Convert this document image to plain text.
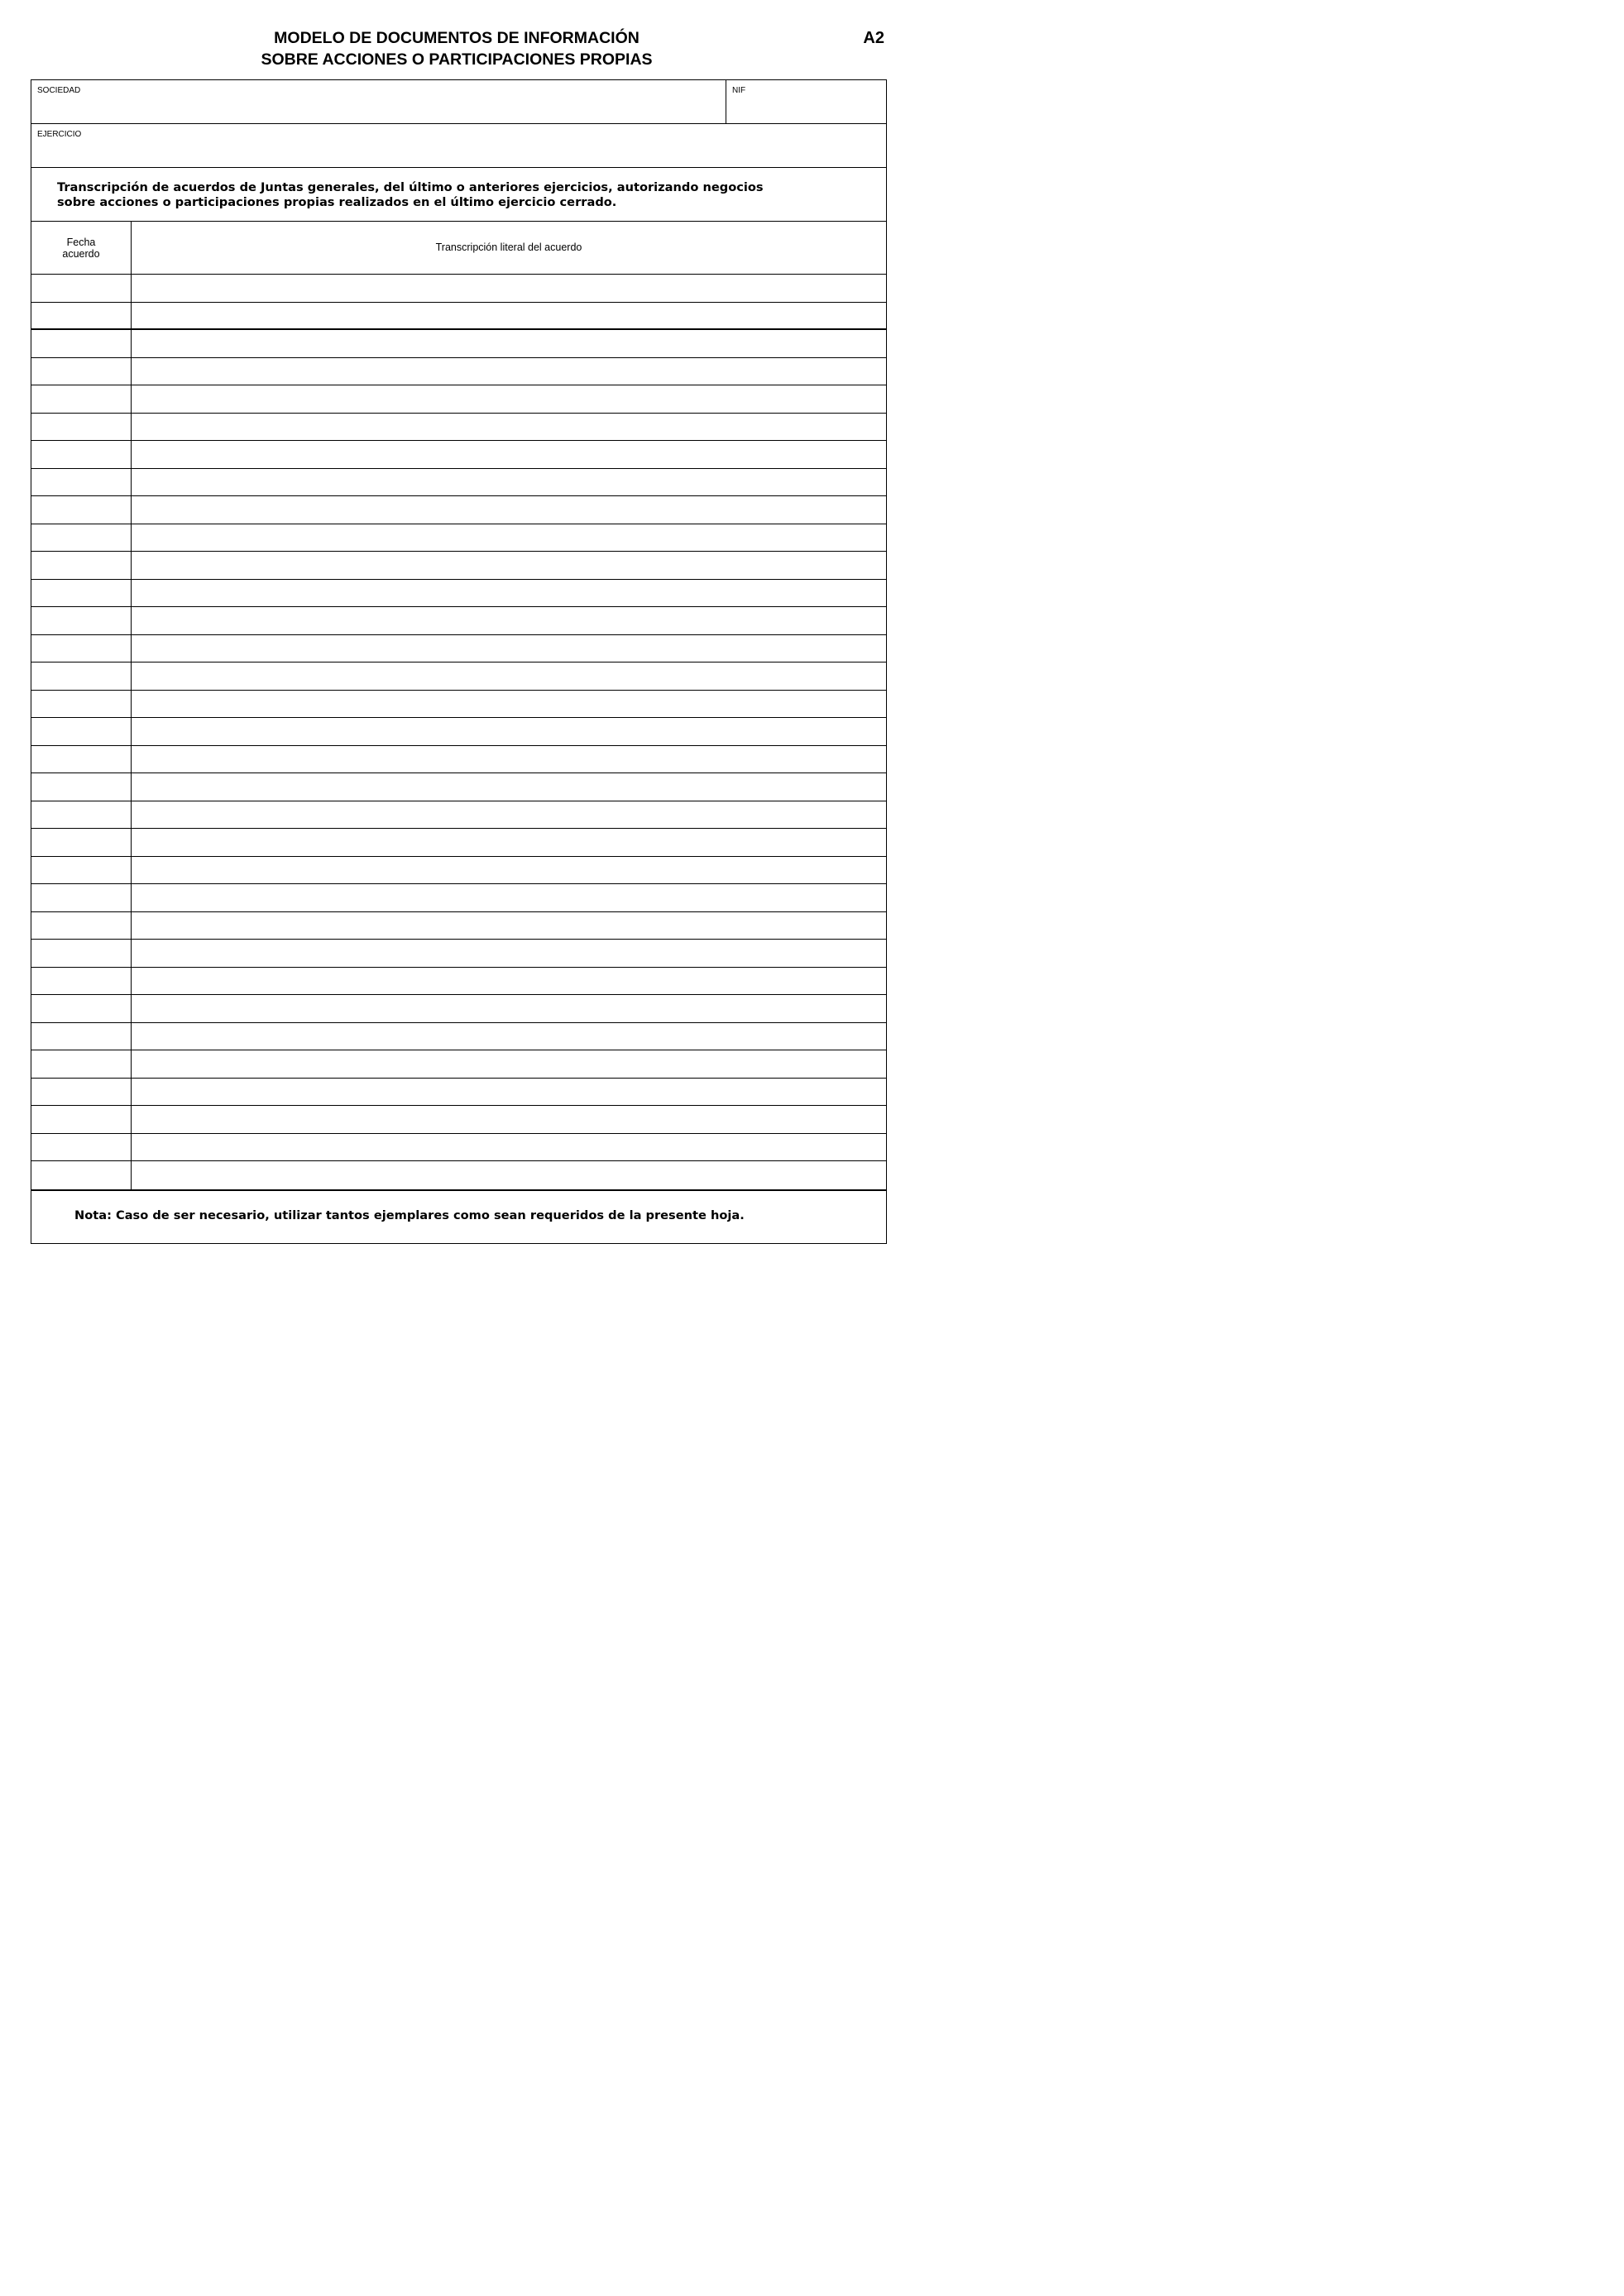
MODELO DE DOCUMENTOS DE INFORMACIÓN
SOBRE ACCIONES O PARTICIPACIONES PROPIAS
A2
SOCIEDAD	NIF
EJERCICIO
Transcripción de acuerdos de Juntas generales, del último o anteriores ejercicios, autorizando negocios
sobre acciones o participaciones propias realizados en el último ejercicio cerrado.
Fecha
acuerdo
Transcripción literal del acuerdo
Nota: Caso de ser necesario, utilizar tantos ejemplares como sean requeridos de la presente hoja.
